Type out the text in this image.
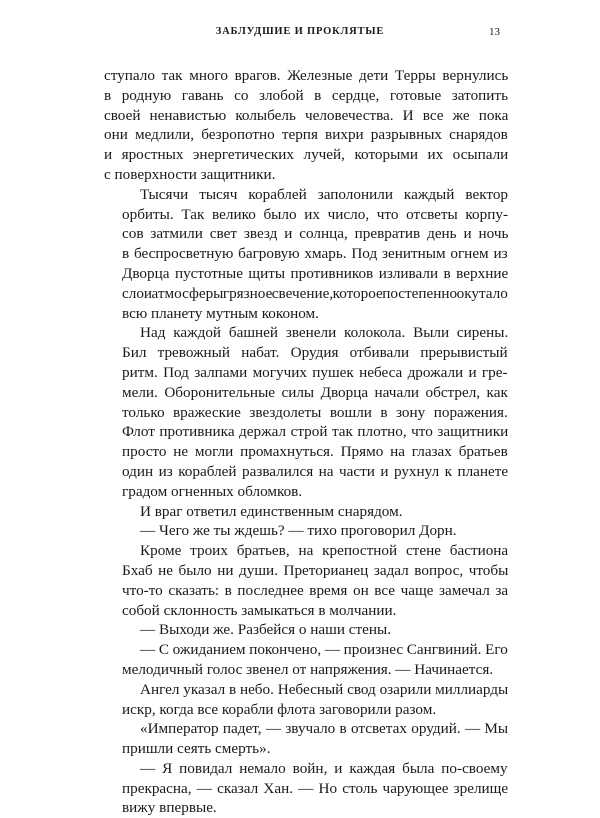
ЗАБЛУДШИЕ И ПРОКЛЯТЫЕ	13

ступало так много врагов. Железные дети Терры вернулись
в родную гавань со злобой в сердце, готовые затопить
своей ненавистью колыбель человечества. И все же пока
они медлили, безропотно терпя вихри разрывных снарядов
и яростных энергетических лучей, которыми их осыпали
с поверхности защитники.

Тысячи тысяч кораблей заполонили каждый вектор
орбиты. Так велико было их число, что отсветы корпу-
сов затмили свет звезд и солнца, превратив день и ночь
в беспросветную багровую хмарь. Под зенитным огнем из
Дворца пустотные щиты противников изливали в верхние
слои атмосферы грязное свечение, которое постепенно окутало
всю планету мутным коконом.

Над каждой башней звенели колокола. Выли сирены.
Бил тревожный набат. Орудия отбивали прерывистый
ритм. Под залпами могучих пушек небеса дрожали и гре-
мели. Оборонительные силы Дворца начали обстрел, как
только вражеские звездолеты вошли в зону поражения.
Флот противника держал строй так плотно, что защитники
просто не могли промахнуться. Прямо на глазах братьев
один из кораблей развалился на части и рухнул к планете
градом огненных обломков.

И враг ответил единственным снарядом.

— Чего же ты ждешь? — тихо проговорил Дорн.

Кроме троих братьев, на крепостной стене бастиона
Бхаб не было ни души. Преторианец задал вопрос, чтобы
что-то сказать: в последнее время он все чаще замечал за
собой склонность замыкаться в молчании.

— Выходи же. Разбейся о наши стены.

— С ожиданием покончено, — произнес Сангвиний. Его
мелодичный голос звенел от напряжения. — Начинается.

Ангел указал в небо. Небесный свод озарили миллиарды
искр, когда все корабли флота заговорили разом.

«Император падет, — звучало в отсветах орудий. — Мы
пришли сеять смерть».

— Я повидал немало войн, и каждая была по-своему
прекрасна, — сказал Хан. — Но столь чарующее зрелище
вижу впервые.
